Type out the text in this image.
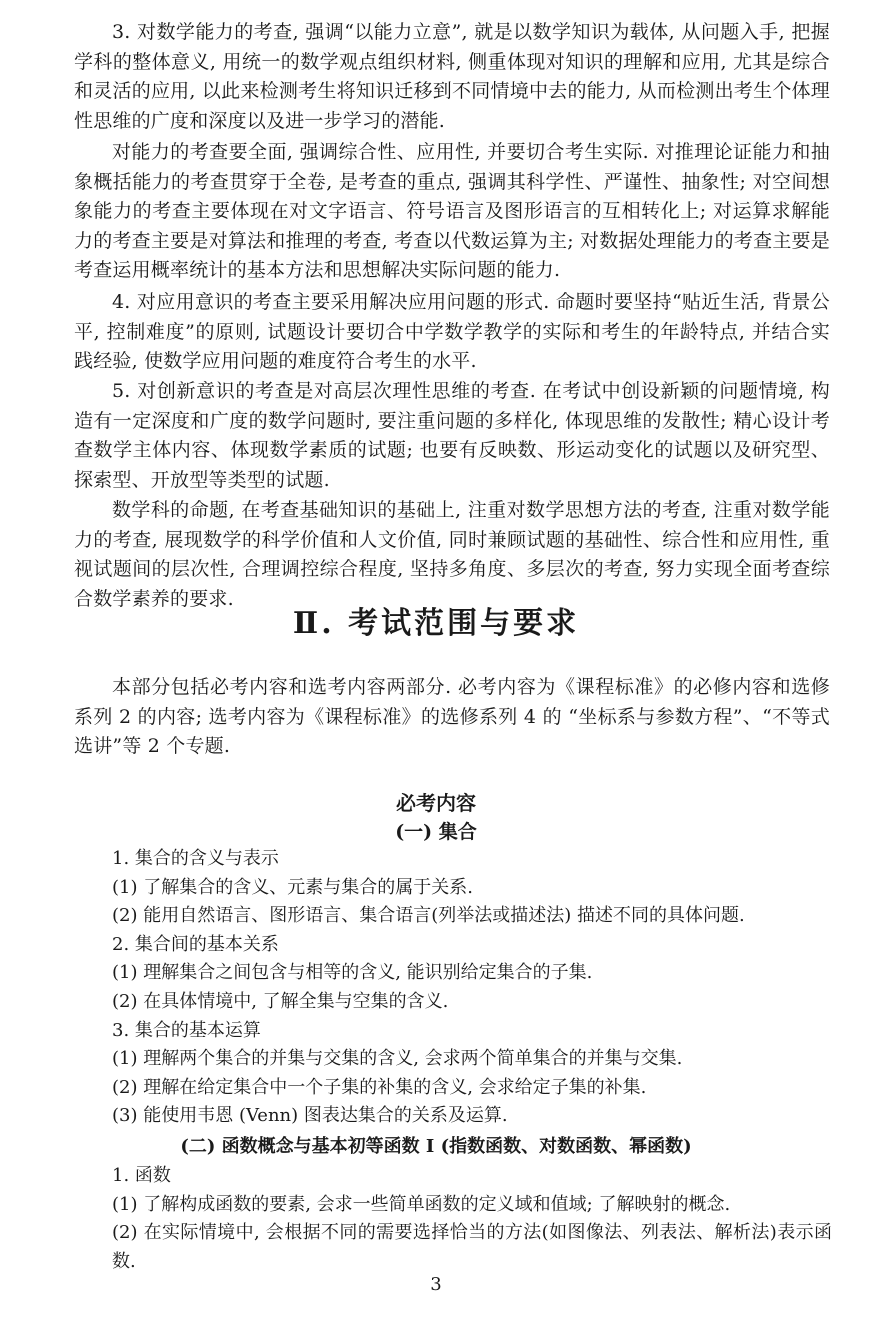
3. 对数学能力的考查, 强调“以能力立意”, 就是以数学知识为载体, 从问题入手, 把握学科的整体意义, 用统一的数学观点组织材料, 侧重体现对知识的理解和应用, 尤其是综合和灵活的应用, 以此来检测考生将知识迁移到不同情境中去的能力, 从而检测出考生个体理性思维的广度和深度以及进一步学习的潜能.

对能力的考查要全面, 强调综合性、应用性, 并要切合考生实际. 对推理论证能力和抽象概括能力的考查贯穿于全卷, 是考查的重点, 强调其科学性、严谨性、抽象性; 对空间想象能力的考查主要体现在对文字语言、符号语言及图形语言的互相转化上; 对运算求解能力的考查主要是对算法和推理的考查, 考查以代数运算为主; 对数据处理能力的考查主要是考查运用概率统计的基本方法和思想解决实际问题的能力.

4. 对应用意识的考查主要采用解决应用问题的形式. 命题时要坚持“贴近生活, 背景公平, 控制难度”的原则, 试题设计要切合中学数学教学的实际和考生的年龄特点, 并结合实践经验, 使数学应用问题的难度符合考生的水平.

5. 对创新意识的考查是对高层次理性思维的考查. 在考试中创设新颖的问题情境, 构造有一定深度和广度的数学问题时, 要注重问题的多样化, 体现思维的发散性; 精心设计考查数学主体内容、体现数学素质的试题; 也要有反映数、形运动变化的试题以及研究型、探索型、开放型等类型的试题.

数学科的命题, 在考查基础知识的基础上, 注重对数学思想方法的考查, 注重对数学能力的考查, 展现数学的科学价值和人文价值, 同时兼顾试题的基础性、综合性和应用性, 重视试题间的层次性, 合理调控综合程度, 坚持多角度、多层次的考查, 努力实现全面考查综合数学素养的要求.

Ⅱ. 考试范围与要求

本部分包括必考内容和选考内容两部分. 必考内容为《课程标准》的必修内容和选修系列 2 的内容; 选考内容为《课程标准》的选修系列 4 的 “坐标系与参数方程”、“不等式选讲”等 2 个专题.

必考内容
(一) 集合
1. 集合的含义与表示
(1) 了解集合的含义、元素与集合的属于关系.
(2) 能用自然语言、图形语言、集合语言(列举法或描述法) 描述不同的具体问题.
2. 集合间的基本关系
(1) 理解集合之间包含与相等的含义, 能识别给定集合的子集.
(2) 在具体情境中, 了解全集与空集的含义.
3. 集合的基本运算
(1) 理解两个集合的并集与交集的含义, 会求两个简单集合的并集与交集.
(2) 理解在给定集合中一个子集的补集的含义, 会求给定子集的补集.
(3) 能使用韦恩 (Venn) 图表达集合的关系及运算.
(二) 函数概念与基本初等函数 Ⅰ (指数函数、对数函数、幂函数)
1. 函数
(1) 了解构成函数的要素, 会求一些简单函数的定义域和值域; 了解映射的概念.
(2) 在实际情境中, 会根据不同的需要选择恰当的方法(如图像法、列表法、解析法)表示函数.
3
